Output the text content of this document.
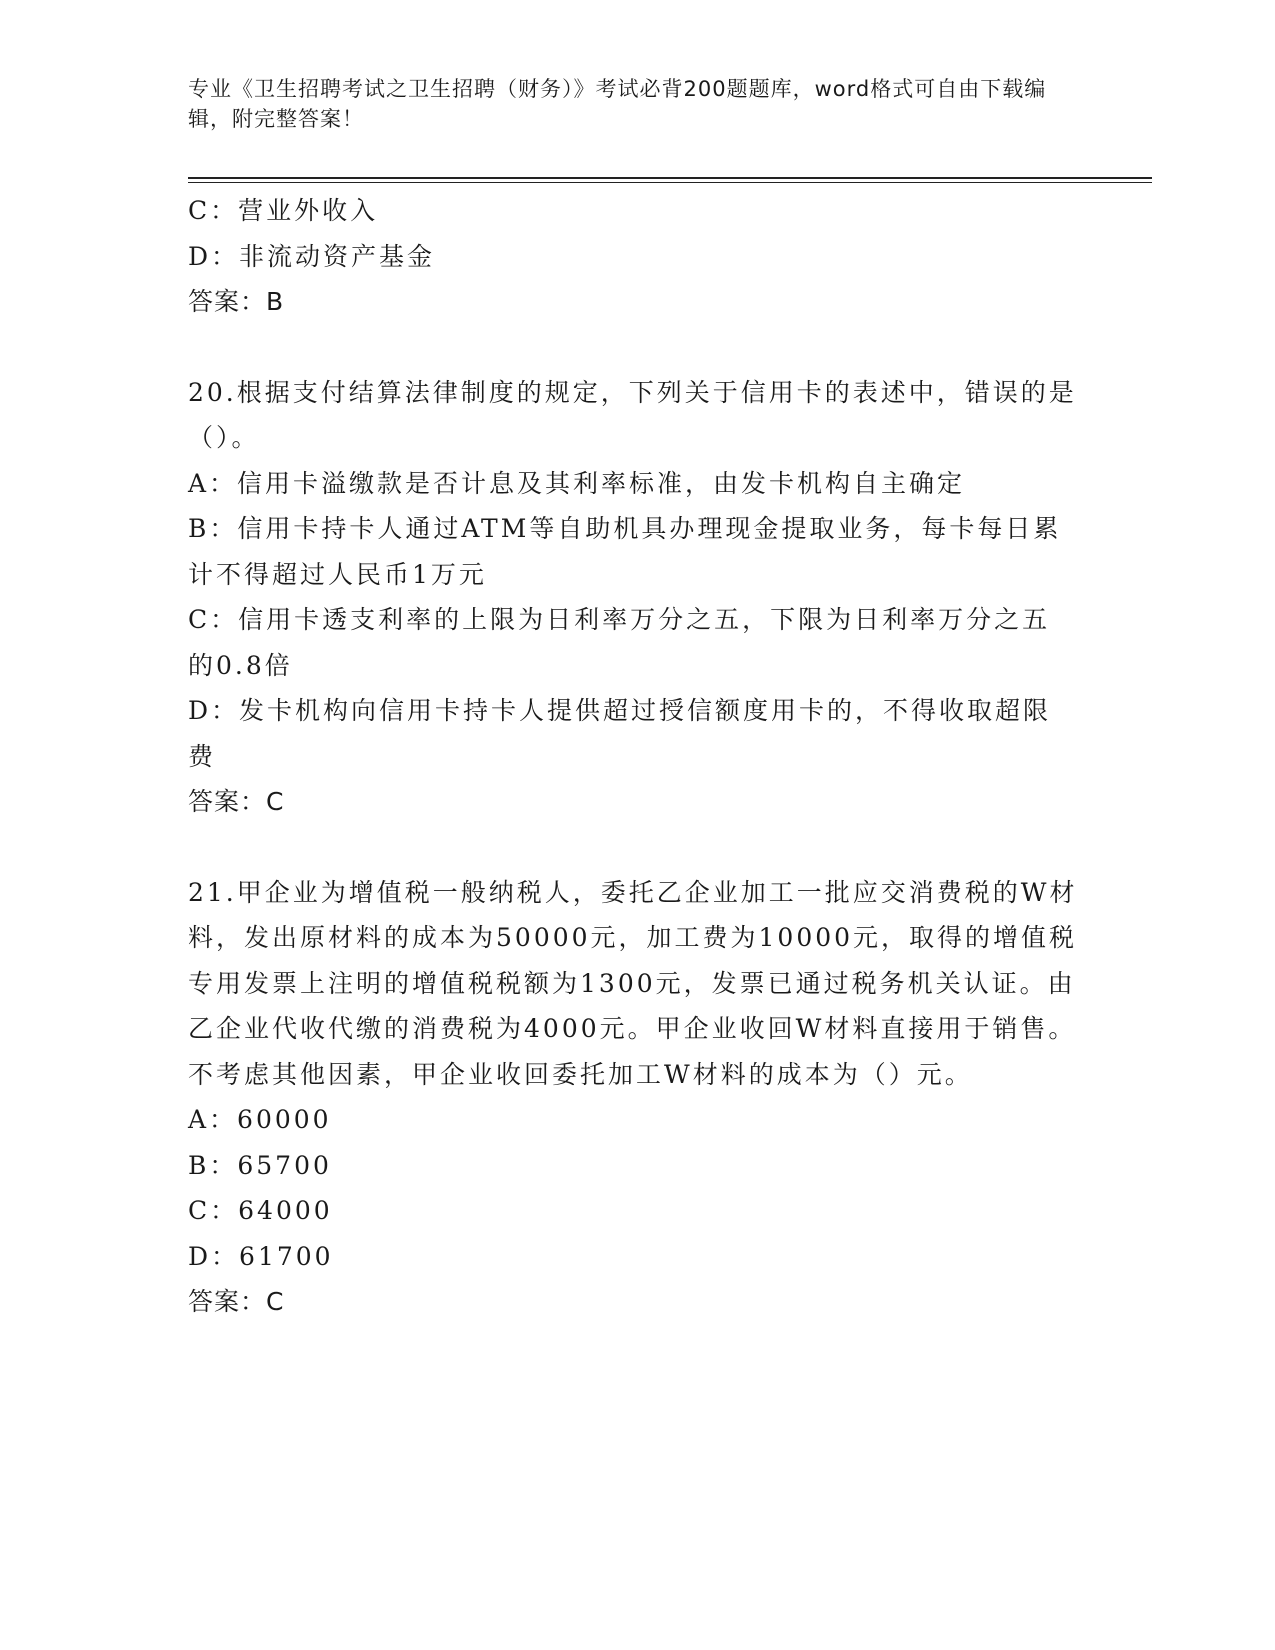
专业《卫生招聘考试之卫生招聘（财务）》考试必背200题题库，word格式可自由下载编辑，附完整答案！
C：营业外收入
D：非流动资产基金
答案：B
20.根据支付结算法律制度的规定，下列关于信用卡的表述中，错误的是（）。
A：信用卡溢缴款是否计息及其利率标准，由发卡机构自主确定
B：信用卡持卡人通过ATM等自助机具办理现金提取业务，每卡每日累计不得超过人民币1万元
C：信用卡透支利率的上限为日利率万分之五，下限为日利率万分之五的0.8倍
D：发卡机构向信用卡持卡人提供超过授信额度用卡的，不得收取超限费
答案：C
21.甲企业为增值税一般纳税人，委托乙企业加工一批应交消费税的W材料，发出原材料的成本为50000元，加工费为10000元，取得的增值税专用发票上注明的增值税税额为1300元，发票已通过税务机关认证。由乙企业代收代缴的消费税为4000元。甲企业收回W材料直接用于销售。不考虑其他因素，甲企业收回委托加工W材料的成本为（）元。
A：60000
B：65700
C：64000
D：61700
答案：C
